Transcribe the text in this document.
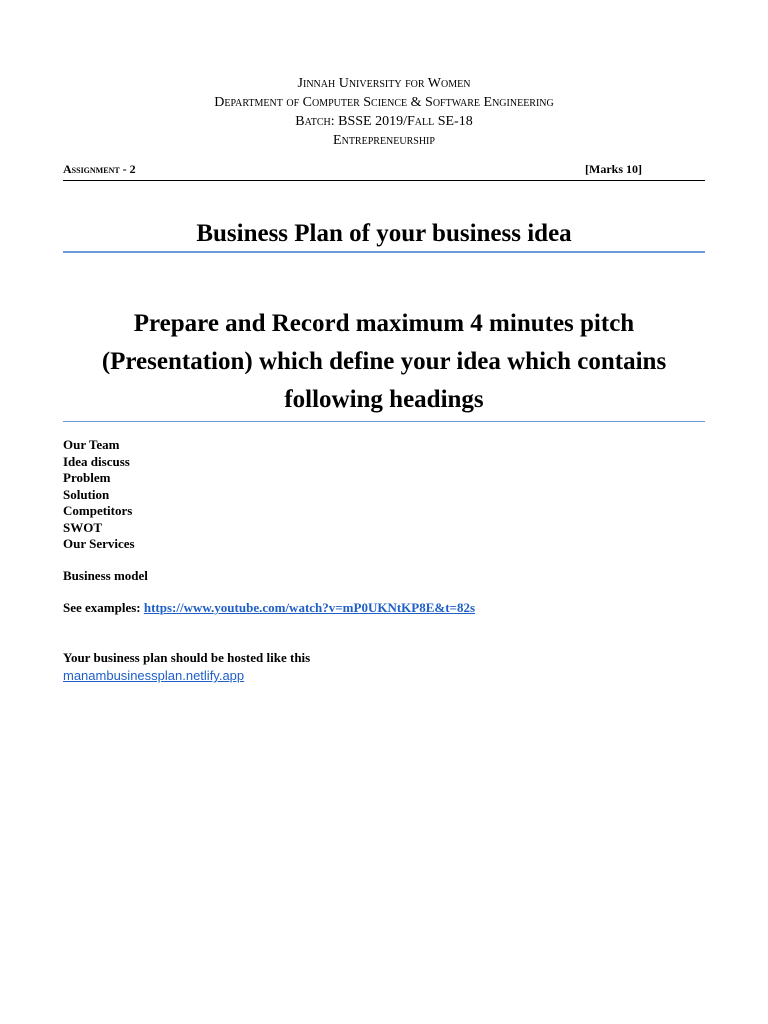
Jinnah University for Women
Department of Computer Science & Software Engineering
Batch: BSSE 2019/Fall SE-18
Entrepreneurship
Assignment - 2	[Marks 10]
Business Plan of your business idea
Prepare and Record maximum 4 minutes pitch (Presentation) which define your idea which contains following headings
Our Team
Idea discuss
Problem
Solution
Competitors
SWOT
Our Services
Business model
See examples: https://www.youtube.com/watch?v=mP0UKNtKP8E&t=82s
Your business plan should be hosted like this
manambusinessplan.netlify.app
